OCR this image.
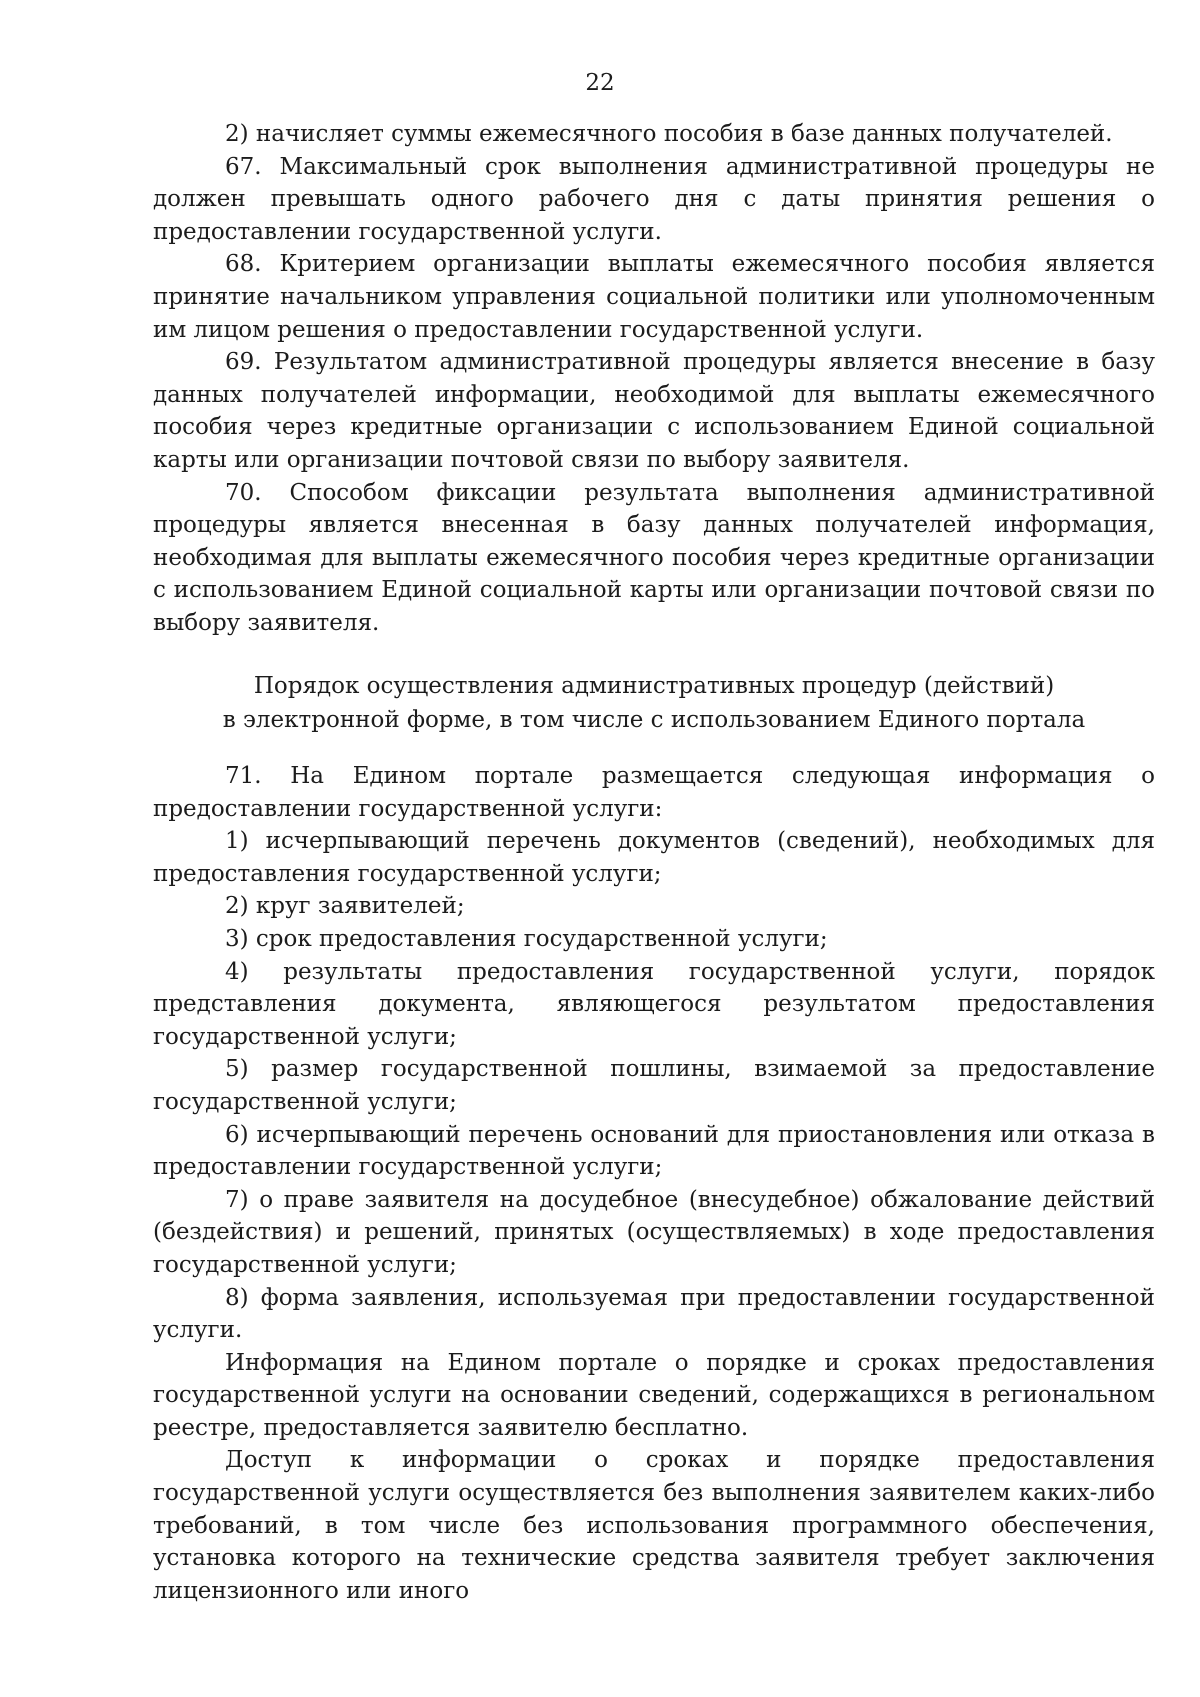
22

2) начисляет суммы ежемесячного пособия в базе данных получателей.

67. Максимальный срок выполнения административной процедуры не должен превышать одного рабочего дня с даты принятия решения о предоставлении государственной услуги.

68. Критерием организации выплаты ежемесячного пособия является принятие начальником управления социальной политики или уполномоченным им лицом решения о предоставлении государственной услуги.

69. Результатом административной процедуры является внесение в базу данных получателей информации, необходимой для выплаты ежемесячного пособия через кредитные организации с использованием Единой социальной карты или организации почтовой связи по выбору заявителя.

70. Способом фиксации результата выполнения административной процедуры является внесенная в базу данных получателей информация, необходимая для выплаты ежемесячного пособия через кредитные организации с использованием Единой социальной карты или организации почтовой связи по выбору заявителя.

Порядок осуществления административных процедур (действий)
в электронной форме, в том числе с использованием Единого портала

71. На Едином портале размещается следующая информация о предоставлении государственной услуги:

1) исчерпывающий перечень документов (сведений), необходимых для предоставления государственной услуги;

2) круг заявителей;

3) срок предоставления государственной услуги;

4) результаты предоставления государственной услуги, порядок представления документа, являющегося результатом предоставления государственной услуги;

5) размер государственной пошлины, взимаемой за предоставление государственной услуги;

6) исчерпывающий перечень оснований для приостановления или отказа в предоставлении государственной услуги;

7) о праве заявителя на досудебное (внесудебное) обжалование действий (бездействия) и решений, принятых (осуществляемых) в ходе предоставления государственной услуги;

8) форма заявления, используемая при предоставлении государственной услуги.

Информация на Едином портале о порядке и сроках предоставления государственной услуги на основании сведений, содержащихся в региональном реестре, предоставляется заявителю бесплатно.

Доступ к информации о сроках и порядке предоставления государственной услуги осуществляется без выполнения заявителем каких-либо требований, в том числе без использования программного обеспечения, установка которого на технические средства заявителя требует заключения лицензионного или иного
